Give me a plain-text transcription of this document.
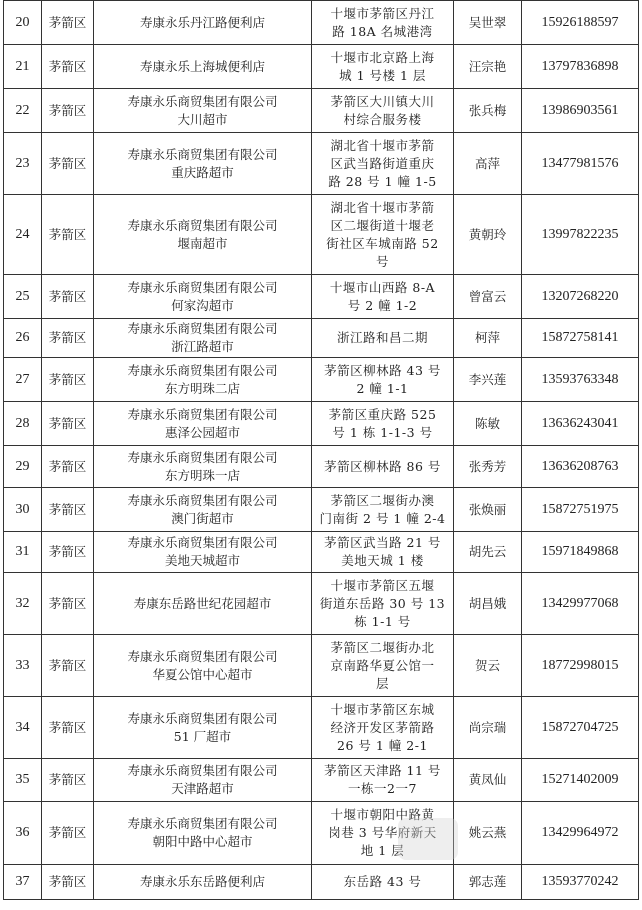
20	茅箭区	寿康永乐丹江路便利店	十堰市茅箭区丹江
路 18A 名城港湾	吴世翠	15926188597
21	茅箭区	寿康永乐上海城便利店	十堰市北京路上海
城 1 号楼 1 层	汪宗艳	13797836898
22	茅箭区	寿康永乐商贸集团有限公司
大川超市	茅箭区大川镇大川
村综合服务楼	张兵梅	13986903561
23	茅箭区	寿康永乐商贸集团有限公司
重庆路超市	湖北省十堰市茅箭
区武当路街道重庆
路 28 号 1 幢 1-5	高萍	13477981576
24	茅箭区	寿康永乐商贸集团有限公司
堰南超市	湖北省十堰市茅箭
区二堰街道十堰老
街社区车城南路 52
号	黄朝玲	13997822235
25	茅箭区	寿康永乐商贸集团有限公司
何家沟超市	十堰市山西路 8-A
号 2 幢 1-2	曾富云	13207268220
26	茅箭区	寿康永乐商贸集团有限公司
浙江路超市	浙江路和昌二期	柯萍	15872758141
27	茅箭区	寿康永乐商贸集团有限公司
东方明珠二店	茅箭区柳林路 43 号
2 幢 1-1	李兴莲	13593763348
28	茅箭区	寿康永乐商贸集团有限公司
惠泽公园超市	茅箭区重庆路 525
号 1 栋 1-1-3 号	陈敏	13636243041
29	茅箭区	寿康永乐商贸集团有限公司
东方明珠一店	茅箭区柳林路 86 号	张秀芳	13636208763
30	茅箭区	寿康永乐商贸集团有限公司
澳门街超市	茅箭区二堰街办澳
门南街 2 号 1 幢 2-4	张焕丽	15872751975
31	茅箭区	寿康永乐商贸集团有限公司
美地天城超市	茅箭区武当路 21 号
美地天城 1 楼	胡先云	15971849868
32	茅箭区	寿康东岳路世纪花园超市	十堰市茅箭区五堰
街道东岳路 30 号 13
栋 1-1 号	胡昌娥	13429977068
33	茅箭区	寿康永乐商贸集团有限公司
华夏公馆中心超市	茅箭区二堰街办北
京南路华夏公馆一
层	贺云	18772998015
34	茅箭区	寿康永乐商贸集团有限公司
51 厂超市	十堰市茅箭区东城
经济开发区茅箭路
26 号 1 幢 2-1	尚宗瑞	15872704725
35	茅箭区	寿康永乐商贸集团有限公司
天津路超市	茅箭区天津路 11 号
一栋一2一7	黄凤仙	15271402009
36	茅箭区	寿康永乐商贸集团有限公司
朝阳中路中心超市	十堰市朝阳中路黄
岗巷 3 号华府新天
地 1 层	姚云燕	13429964972
37	茅箭区	寿康永乐东岳路便利店	东岳路 43 号	郭志莲	13593770242
